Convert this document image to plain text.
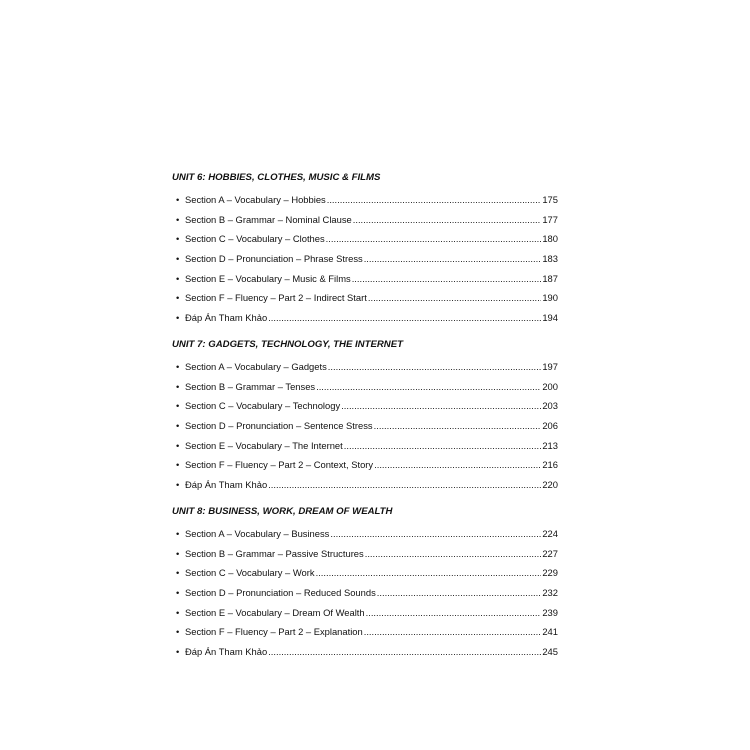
UNIT 6: HOBBIES, CLOTHES, MUSIC & FILMS
• Section A – Vocabulary – Hobbies .....	175
• Section B – Grammar – Nominal Clause .....	177
• Section C – Vocabulary – Clothes .....	180
• Section D – Pronunciation – Phrase Stress .....	183
• Section E – Vocabulary – Music & Films .....	187
• Section F – Fluency – Part 2 – Indirect Start .....	190
• Đáp Án Tham Khảo .....	194
UNIT 7: GADGETS, TECHNOLOGY, THE INTERNET
• Section A – Vocabulary – Gadgets .....	197
• Section B – Grammar – Tenses .....	200
• Section C – Vocabulary – Technology .....	203
• Section D – Pronunciation – Sentence Stress .....	206
• Section E – Vocabulary – The Internet .....	213
• Section F – Fluency – Part 2 – Context, Story .....	216
• Đáp Án Tham Khảo .....	220
UNIT 8: BUSINESS, WORK, DREAM OF WEALTH
• Section A – Vocabulary – Business .....	224
• Section B – Grammar – Passive Structures .....	227
• Section C – Vocabulary – Work .....	229
• Section D – Pronunciation – Reduced Sounds .....	232
• Section E – Vocabulary – Dream Of Wealth .....	239
• Section F – Fluency – Part 2 – Explanation .....	241
• Đáp Án Tham Khảo .....	245
